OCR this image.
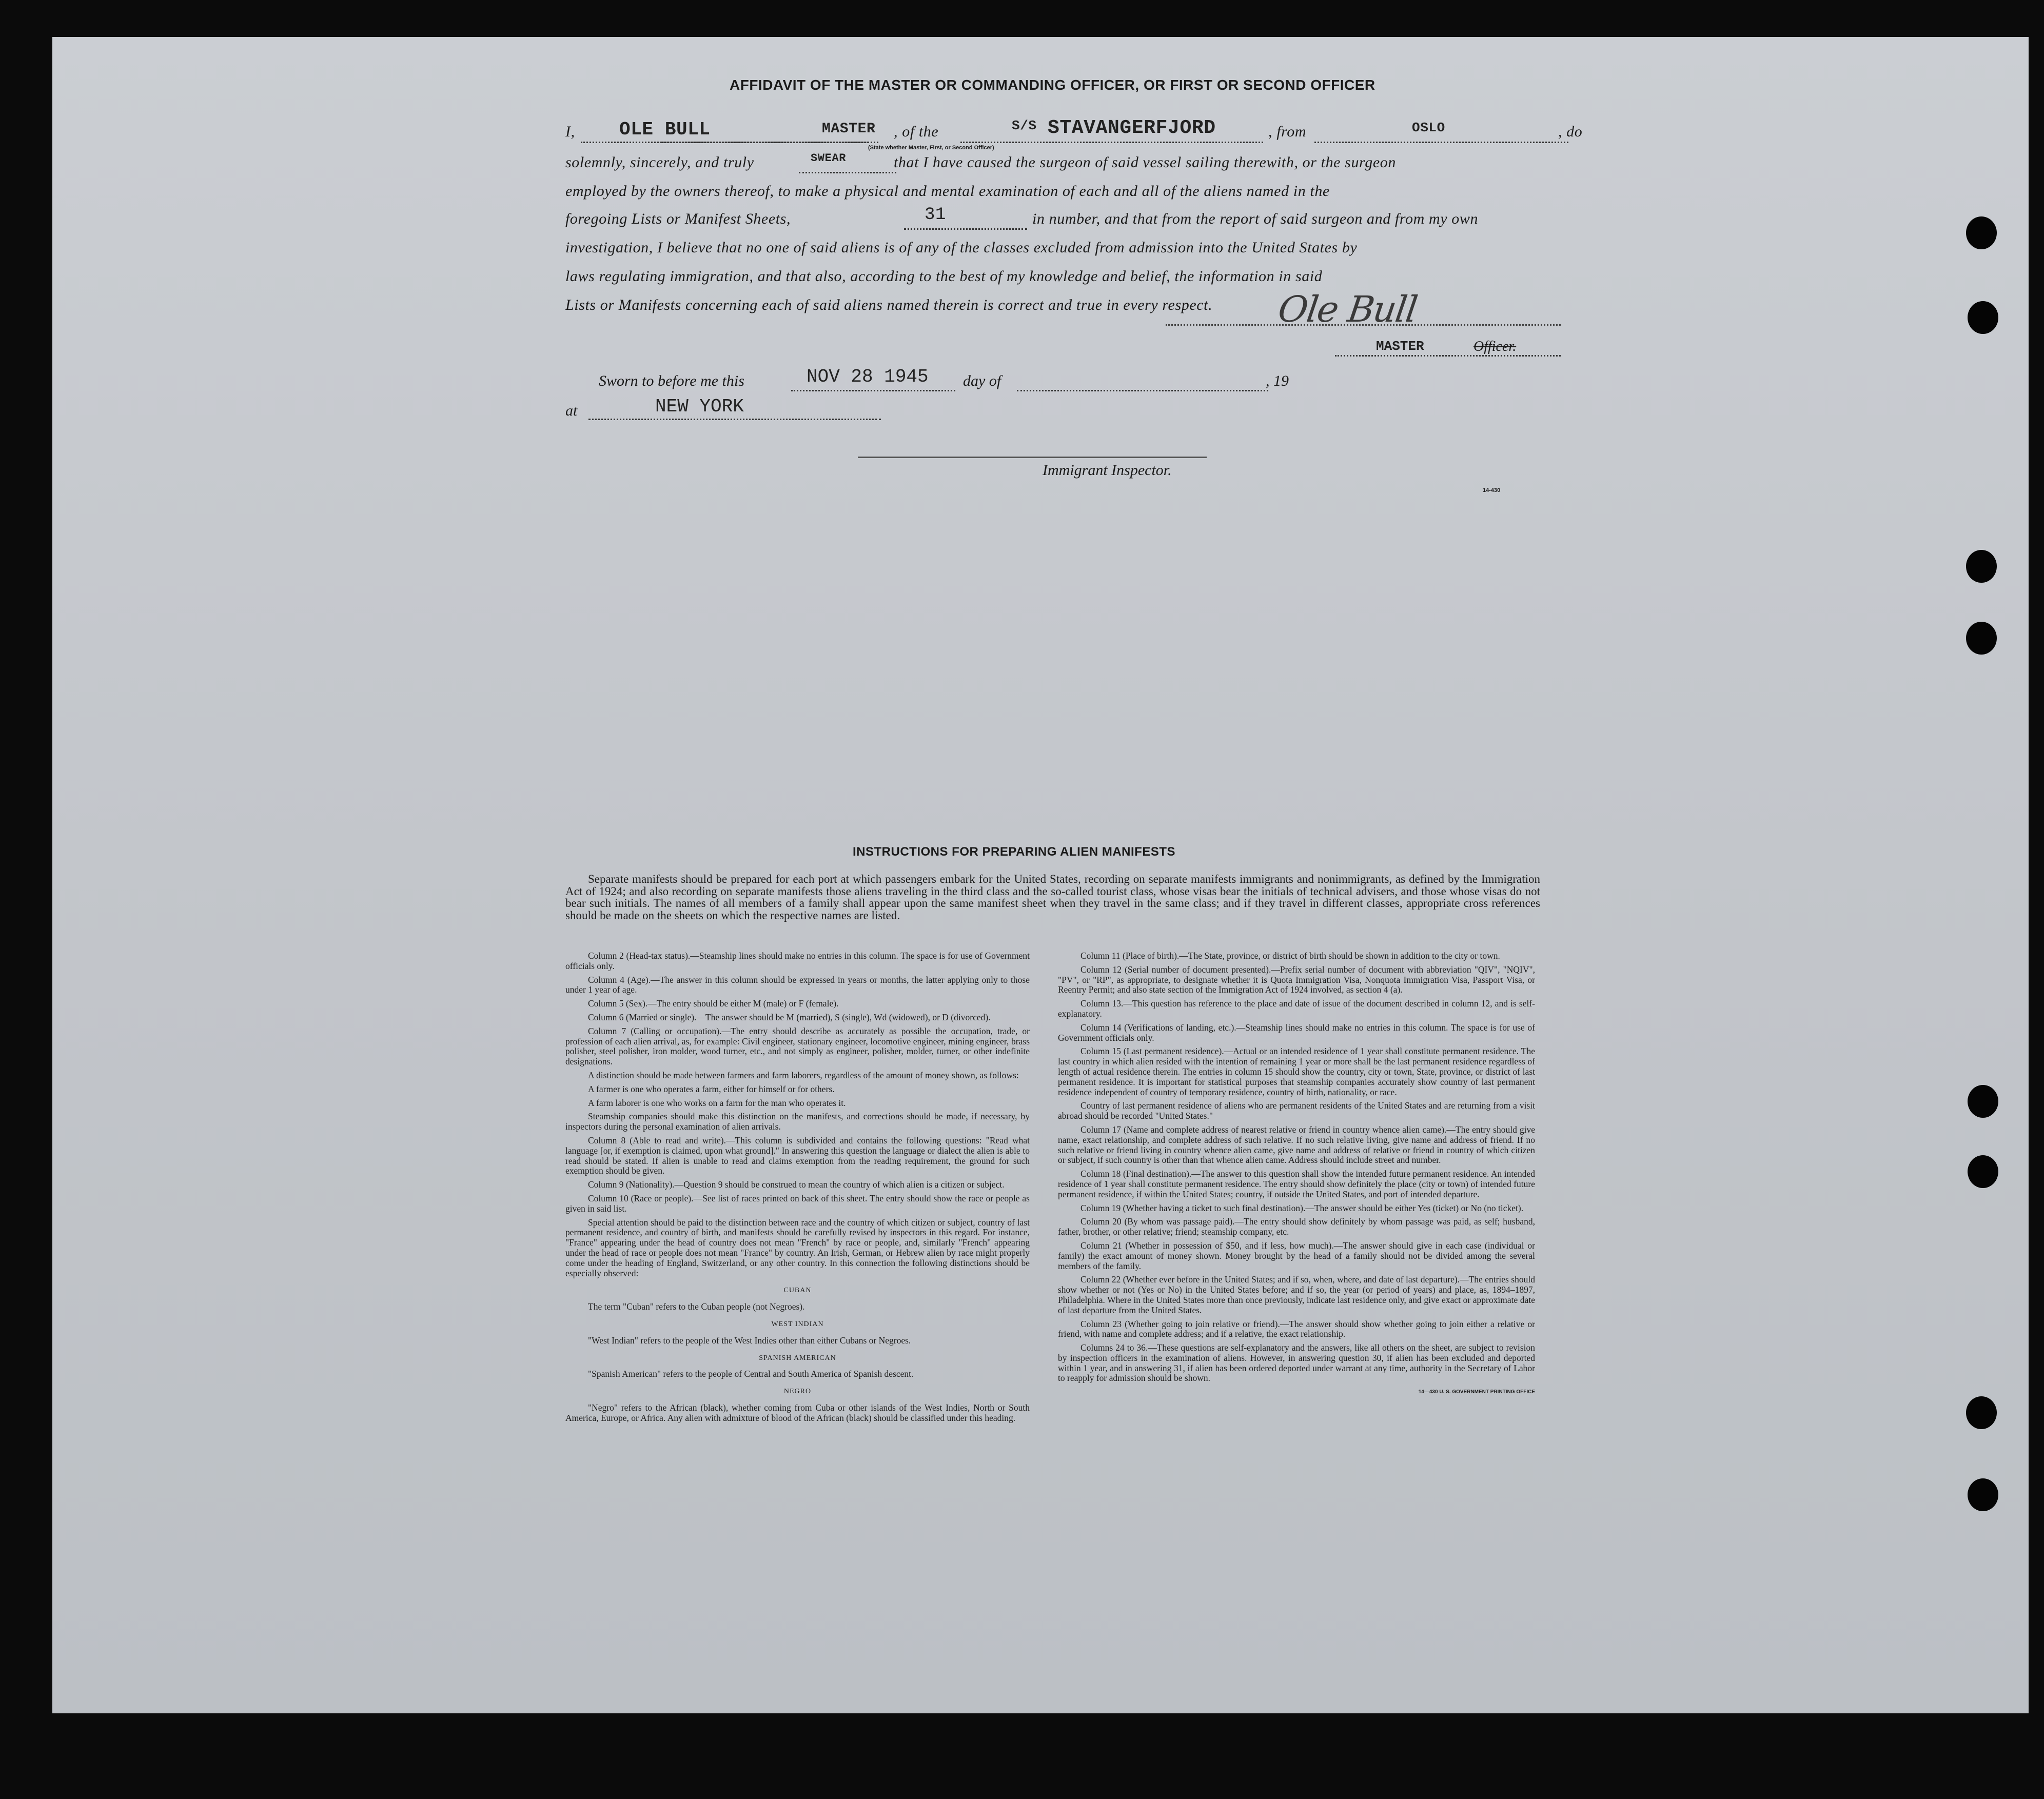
AFFIDAVIT OF THE MASTER OR COMMANDING OFFICER, OR FIRST OR SECOND OFFICER
I, OLE BULL	MASTER , of the	S/S STAVANGERFJORD	, from	OSLO	, do
(State whether Master, First, or Second Officer)
solemnly, sincerely, and truly	SWEAR	that I have caused the surgeon of said vessel sailing therewith, or the surgeon
employed by the owners thereof, to make a physical and mental examination of each and all of the aliens named in the
foregoing Lists or Manifest Sheets,	31	in number, and that from the report of said surgeon and from my own
investigation, I believe that no one of said aliens is of any of the classes excluded from admission into the United States by
laws regulating immigration, and that also, according to the best of my knowledge and belief, the information in said
Lists or Manifests concerning each of said aliens named therein is correct and true in every respect. Ole Bull
MASTER	Officer.
Sworn to before me this	NOV 28 1945 day of	, 19
at	NEW YORK
Immigrant Inspector.
14-430
INSTRUCTIONS FOR PREPARING ALIEN MANIFESTS

Separate manifests should be prepared for each port at which passengers embark for the United States, recording on separate manifests immigrants and nonimmigrants, as defined by the Immigration Act of 1924; and also recording on separate manifests those aliens traveling in the third class and the so-called tourist class, whose visas bear the initials of technical advisers, and those whose visas do not bear such initials. The names of all members of a family shall appear upon the same manifest sheet when they travel in the same class; and if they travel in different classes, appropriate cross references should be made on the sheets on which the respective names are listed.

Column 2 (Head-tax status).—Steamship lines should make no entries in this column. The space is for use of Government officials only.

Column 4 (Age).—The answer in this column should be expressed in years or months, the latter applying only to those under 1 year of age.

Column 5 (Sex).—The entry should be either M (male) or F (female).

Column 6 (Married or single).—The answer should be M (married), S (single), Wd (widowed), or D (divorced).

Column 7 (Calling or occupation).—The entry should describe as accurately as possible the occupation, trade, or profession of each alien arrival, as, for example: Civil engineer, stationary engineer, locomotive engineer, mining engineer, brass polisher, steel polisher, iron molder, wood turner, etc., and not simply as engineer, polisher, molder, turner, or other indefinite designations.

A distinction should be made between farmers and farm laborers, regardless of the amount of money shown, as follows:

A farmer is one who operates a farm, either for himself or for others.

A farm laborer is one who works on a farm for the man who operates it.

Steamship companies should make this distinction on the manifests, and corrections should be made, if necessary, by inspectors during the personal examination of alien arrivals.

Column 8 (Able to read and write).—This column is subdivided and contains the following questions: "Read what language [or, if exemption is claimed, upon what ground]." In answering this question the language or dialect the alien is able to read should be stated. If alien is unable to read and claims exemption from the reading requirement, the ground for such exemption should be given.

Column 9 (Nationality).—Question 9 should be construed to mean the country of which alien is a citizen or subject.

Column 10 (Race or people).—See list of races printed on back of this sheet. The entry should show the race or people as given in said list.

Special attention should be paid to the distinction between race and the country of which citizen or subject, country of last permanent residence, and country of birth, and manifests should be carefully revised by inspectors in this regard. For instance, "France" appearing under the head of country does not mean "French" by race or people, and, similarly "French" appearing under the head of race or people does not mean "France" by country. An Irish, German, or Hebrew alien by race might properly come under the heading of England, Switzerland, or any other country. In this connection the following distinctions should be especially observed:

CUBAN

The term "Cuban" refers to the Cuban people (not Negroes).

WEST INDIAN

"West Indian" refers to the people of the West Indies other than either Cubans or Negroes.

SPANISH AMERICAN

"Spanish American" refers to the people of Central and South America of Spanish descent.

NEGRO

"Negro" refers to the African (black), whether coming from Cuba or other islands of the West Indies, North or South America, Europe, or Africa. Any alien with admixture of blood of the African (black) should be classified under this heading.

Column 11 (Place of birth).—The State, province, or district of birth should be shown in addition to the city or town.

Column 12 (Serial number of document presented).—Prefix serial number of document with abbreviation "QIV", "NQIV", "PV", or "RP", as appropriate, to designate whether it is Quota Immigration Visa, Nonquota Immigration Visa, Passport Visa, or Reentry Permit; and also state section of the Immigration Act of 1924 involved, as section 4 (a).

Column 13.—This question has reference to the place and date of issue of the document described in column 12, and is self-explanatory.

Column 14 (Verifications of landing, etc.).—Steamship lines should make no entries in this column. The space is for use of Government officials only.

Column 15 (Last permanent residence).—Actual or an intended residence of 1 year shall constitute permanent residence. The last country in which alien resided with the intention of remaining 1 year or more shall be the last permanent residence regardless of length of actual residence therein. The entries in column 15 should show the country, city or town, State, province, or district of last permanent residence. It is important for statistical purposes that steamship companies accurately show country of last permanent residence independent of country of temporary residence, country of birth, nationality, or race.

Country of last permanent residence of aliens who are permanent residents of the United States and are returning from a visit abroad should be recorded "United States."

Column 17 (Name and complete address of nearest relative or friend in country whence alien came).—The entry should give name, exact relationship, and complete address of such relative. If no such relative living, give name and address of friend. If no such relative or friend living in country whence alien came, give name and address of relative or friend in country of which citizen or subject, if such country is other than that whence alien came. Address should include street and number.

Column 18 (Final destination).—The answer to this question shall show the intended future permanent residence. An intended residence of 1 year shall constitute permanent residence. The entry should show definitely the place (city or town) of intended future permanent residence, if within the United States; country, if outside the United States, and port of intended departure.

Column 19 (Whether having a ticket to such final destination).—The answer should be either Yes (ticket) or No (no ticket).

Column 20 (By whom was passage paid).—The entry should show definitely by whom passage was paid, as self; husband, father, brother, or other relative; friend; steamship company, etc.

Column 21 (Whether in possession of $50, and if less, how much).—The answer should give in each case (individual or family) the exact amount of money shown. Money brought by the head of a family should not be divided among the several members of the family.

Column 22 (Whether ever before in the United States; and if so, when, where, and date of last departure).—The entries should show whether or not (Yes or No) in the United States before; and if so, the year (or period of years) and place, as, 1894–1897, Philadelphia. Where in the United States more than once previously, indicate last residence only, and give exact or approximate date of last departure from the United States.

Column 23 (Whether going to join relative or friend).—The answer should show whether going to join either a relative or friend, with name and complete address; and if a relative, the exact relationship.

Columns 24 to 36.—These questions are self-explanatory and the answers, like all others on the sheet, are subject to revision by inspection officers in the examination of aliens. However, in answering question 30, if alien has been excluded and deported within 1 year, and in answering 31, if alien has been ordered deported under warrant at any time, authority in the Secretary of Labor to reapply for admission should be shown.

14—430 U. S. GOVERNMENT PRINTING OFFICE
